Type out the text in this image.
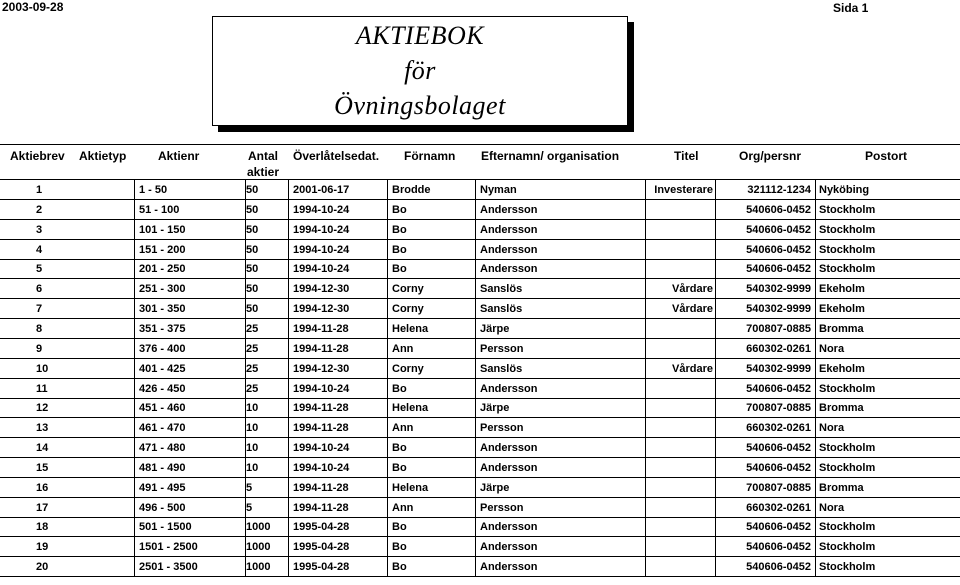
2003-09-28	Sida 1
AKTIEBOK
för
Övningsbolaget
Aktiebrev Aktietyp	Aktienr	Antal
aktier
Överlåtelsedat. Förnamn Efternamn/ organisation	Titel	Org/persnr	Postort
1	1 - 50	50	2001-06-17	Brodde	Nyman	Investerare	321112-1234 Nyköbing
2	51 - 100	50	1994-10-24	Bo	Andersson	540606-0452 Stockholm
3	101 - 150	50	1994-10-24	Bo	Andersson	540606-0452 Stockholm
4	151 - 200	50	1994-10-24	Bo	Andersson	540606-0452 Stockholm
5	201 - 250	50	1994-10-24	Bo	Andersson	540606-0452 Stockholm
6	251 - 300	50	1994-12-30	Corny	Sanslös	Vårdare	540302-9999 Ekeholm
7	301 - 350	50	1994-12-30	Corny	Sanslös	Vårdare	540302-9999 Ekeholm
8	351 - 375	25	1994-11-28	Helena	Järpe	700807-0885 Bromma
9	376 - 400	25	1994-11-28	Ann	Persson	660302-0261 Nora
10	401 - 425	25	1994-12-30	Corny	Sanslös	Vårdare	540302-9999 Ekeholm
11	426 - 450	25	1994-10-24	Bo	Andersson	540606-0452 Stockholm
12	451 - 460	10	1994-11-28	Helena	Järpe	700807-0885 Bromma
13	461 - 470	10	1994-11-28	Ann	Persson	660302-0261 Nora
14	471 - 480	10	1994-10-24	Bo	Andersson	540606-0452 Stockholm
15	481 - 490	10	1994-10-24	Bo	Andersson	540606-0452 Stockholm
16	491 - 495	5	1994-11-28	Helena	Järpe	700807-0885 Bromma
17	496 - 500	5	1994-11-28	Ann	Persson	660302-0261 Nora
18	501 - 1500	1000 1995-04-28	Bo	Andersson	540606-0452 Stockholm
19	1501 - 2500	1000 1995-04-28	Bo	Andersson	540606-0452 Stockholm
20	2501 - 3500	1000 1995-04-28	Bo	Andersson	540606-0452 Stockholm
